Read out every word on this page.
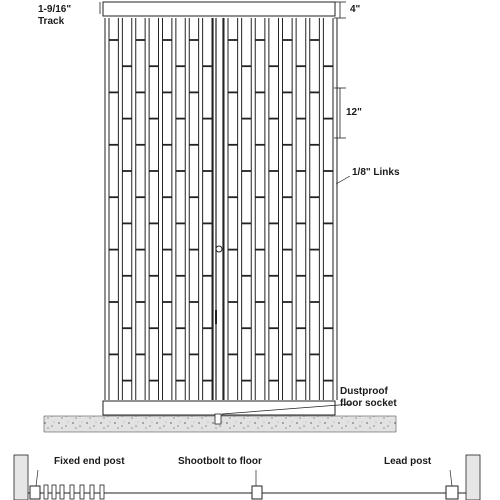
1-9/16"
Track
4"
12"
1/8" Links
Dustproof
floor socket
Fixed end post	Shootbolt to floor	Lead post
